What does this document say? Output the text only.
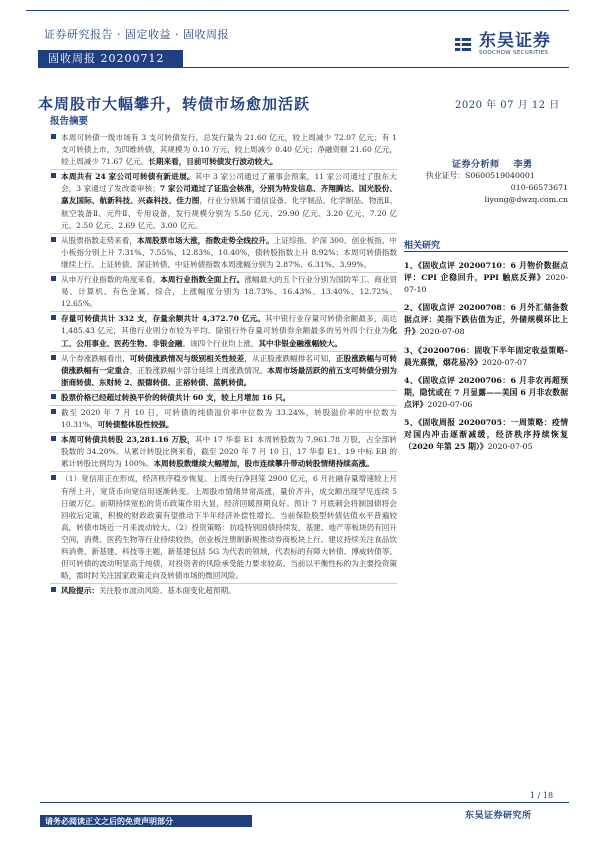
证券研究报告 · 固定收益 · 固收周报	东吴证券
SOOCHOW SECURITIES
固收周报 20200712
本周股市大幅攀升，转债市场愈加活跃	2020 年 07 月 12 日
报告摘要
本周可转债一级市场有 3 支可转债发行，总发行量为 21.60 亿元，较上周减少 72.07 亿元；有 1 支可转债上市，为四维转债，其规模为 0.10 万元，较上周减少 0.40 亿元；净融资额 21.60 亿元，较上周减少 71.67 亿元。长期来看，目前可转债发行波动较大。
本周共有 24 家公司可转债有新进展。其中 3 家公司通过了董事会预案，11 家公司通过了股东大会，3 家通过了发改委审核；7 家公司通过了证监会核准，分别为特发信息、齐翔腾达、国光股份、嘉友国际、航新科技、兴森科技、佳力图，行业分别属于通信设备、化学制品、化学制品、物流Ⅱ、航空装备Ⅱ、元件Ⅱ、专用设备，发行规模分别为 5.50 亿元、29.90 亿元、3.20 亿元、7.20 亿元、2.50 亿元、2.69 亿元、3.00 亿元。
从股票指数走势来看，本周股票市场大涨，指数走势全线拉升。上证综指、沪深 300、创业板指、中小板指分别上升 7.31%、7.55%、12.83%、10.40%，债转股指数上升 8.92%；本周可转债指数继续上行。上证转债、深证转债、中证转债指数本周涨幅分别为 2.87%、6.31%、3.99%。
从申万行业指数的角度来看，本周行业指数全面上行。涨幅最大的五个行业分别为国防军工、商业贸易、计算机、有色金属、综合，上涨幅度分别为 18.73%、16.43%、13.40%、12.72%、12.65%。
存量可转债共计 332 支，存量余额共计 4,372.70 亿元。其中银行业存量可转债余额最多，高达 1,485.43 亿元，其他行业则分布较为平均。除银行外存量可转债券余额最多的另外四个行业为化工、公用事业、医药生物、非银金融。该四个行业均上涨，其中非银金融涨幅较大。
从个券涨跌幅看出，可转债涨跌情况与级别相关性较差，从正股涨跌幅排名可知，正股涨跌幅与可转债涨跌幅有一定重合，正股涨跌幅少部分延续上周涨跌情况。本周市场最活跃的前五支可转债分别为浙商转债、东财转 2、振德转债、正裕转债、蓝帆转债。
股票价格已经超过转换平价的转债共计 60 支，较上月增加 16 只。
截至 2020 年 7 月 10 日，可转债的纯债溢价率中位数为 33.24%，转股溢价率的中位数为 10.31%，可转债整体股性较强。
本周可转债共转股 23,281.16 万股，其中 17 华泰 E1 本周转股数为 7,961.78 万股，占全部转股数的 34.20%。从累计转股比例来看，截至 2020 年 7 月 10 日，17 华泰 E1、19 中标 EB 的累计转股比例均为 100%。本周转股数继续大幅增加，股市连续攀升带动转股情绪持续高涨。
（1）宽信用正在形成，经济秩序稳步恢复。上周央行净回笼 2900 亿元，6 月社融存量增速较上月有所上升，宽货币向宽信用逐渐转变。上周股市情绪异常高涨，量价齐升，成交额出现罕见连续 5 日破万亿。前期持续宽松的货币政策作用大显，经济回暖预期良好。预计 7 月底刺会将制国债将会回收后定策，积极的财政政策有望推动下半年经济补偿性增长。当前保险股型转债估值水平普遍较高，转债市场近一月来波动较大。（2）投资策略：抗疫特别国债持续发，基建、地产等板块仍有回升空间，消费、医药生物等行业持续较热，创业板注册制新规推动券商板块上行。建议持续关注食品饮料消费、新基建、科技等主题，新基建包括 5G 为代表的领域，代表标的有障大转债、博威转债等。但可转债的波动明显高于纯债，对投资者的风险承受能力要求较高。当前以平衡性标的为主要投资策略，需时时关注国家政策走向及转债市场的微回风险。
风险提示：关注股市波动风险、基本面变化超预期。
证券分析师 李勇
执业证号：S0600519040001
010-66573671
liyong@dwzq.com.cn
相关研究
1、《固收点评 20200710：6 月物价数据点评：CPI 企稳回升，PPI 触底反弹》2020-07-10
2、《固收点评 20200708：6 月外汇储备数据点评：美指下跌估值为正，外储规模环比上升》2020-07-08
3、《20200706：固收下半年固定收益策略-晨光熹微，烟花易冷》2020-07-07
4、《固收点评 20200706：6 月非农再超预期，隐忧或在 7 月显露——美国 6 月非农数据点评》2020-07-06
5、《固收周报 20200705：一周策略：疫情对国内冲击逐渐减缓，经济秩序持续恢复（2020 年第 25 期）》2020-07-05
1 / 18
东吴证券研究所
请务必阅读正文之后的免责声明部分
